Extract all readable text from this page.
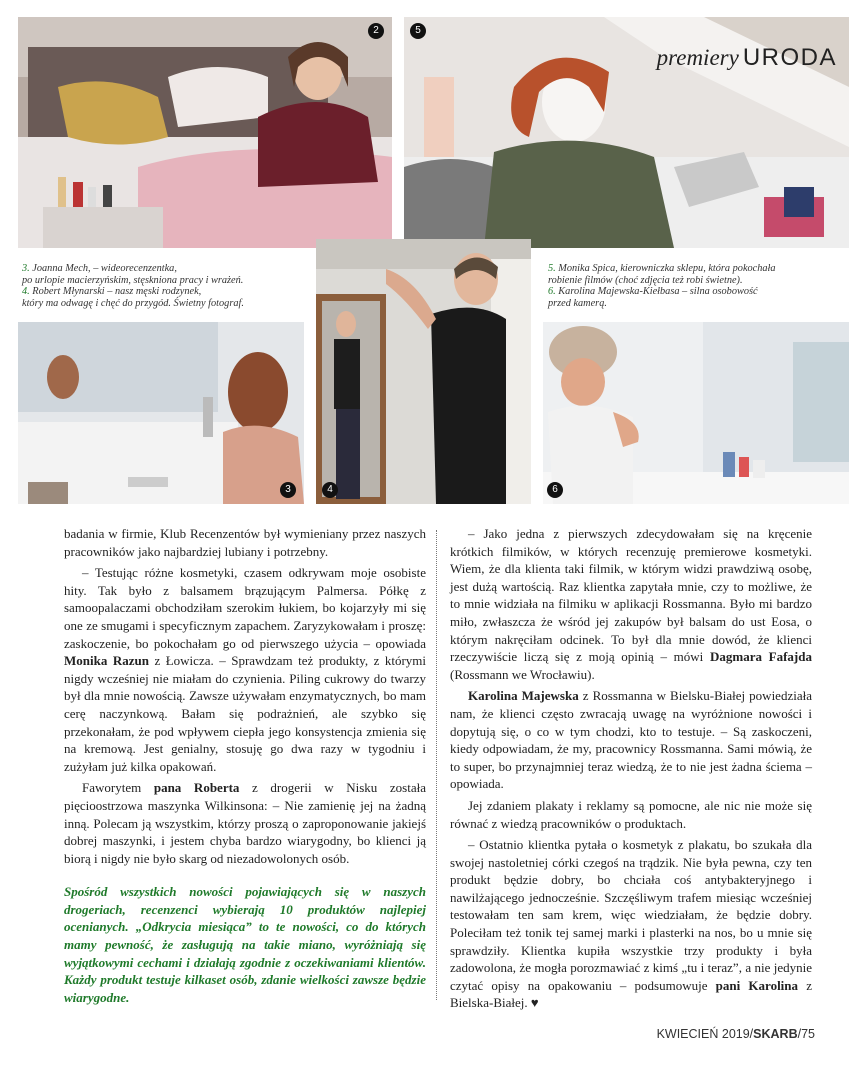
2	5
premiery URODA
3. Joanna Mech, – wideorecenzentka,
po urlopie macierzyńskim, stęskniona pracy i wrażeń.
4. Robert Młynarski – nasz męski rodzynek,
który ma odwagę i chęć do przygód. Świetny fotograf.
5. Monika Spica, kierowniczka sklepu, która pokochała
robienie filmów (choć zdjęcia też robi świetne).
6. Karolina Majewska-Kiełbasa – silna osobowość
przed kamerą.
3	4	6

badania w firmie, Klub Recenzentów był wymieniany przez naszych pracowników jako najbardziej lubiany i potrzebny.

– Testując różne kosmetyki, czasem odkrywam moje osobiste hity. Tak było z balsamem brązującym Palmersa. Półkę z samoopalaczami obchodziłam szerokim łukiem, bo kojarzyły mi się one ze smugami i specyficznym zapachem. Zaryzykowałam i proszę: zaskoczenie, bo pokochałam go od pierwszego użycia – opowiada Monika Razun z Łowicza. – Sprawdzam też produkty, z którymi nigdy wcześniej nie miałam do czynienia. Piling cukrowy do twarzy był dla mnie nowością. Zawsze używałam enzymatycznych, bo mam cerę naczynkową. Bałam się podrażnień, ale szybko się przekonałam, że pod wpływem ciepła jego konsystencja zmienia się na kremową. Jest genialny, stosuję go dwa razy w tygodniu i zużyłam już kilka opakowań.

Faworytem pana Roberta z drogerii w Nisku została pięcioostrzowa maszynka Wilkinsona: – Nie zamienię jej na żadną inną. Polecam ją wszystkim, którzy proszą o zaproponowanie jakiejś dobrej maszynki, i jestem chyba bardzo wiarygodny, bo klienci ją biorą i nigdy nie było skarg od niezadowolonych osób.

Spośród wszystkich nowości pojawiających się w naszych drogeriach, recenzenci wybierają 10 produktów najlepiej ocenianych. „Odkrycia miesiąca” to te nowości, co do których mamy pewność, że zasługują na takie miano, wyróżniają się wyjątkowymi cechami i działają zgodnie z oczekiwaniami klientów. Każdy produkt testuje kilkaset osób, zdanie wielkości zawsze będzie wiarygodne.

– Jako jedna z pierwszych zdecydowałam się na kręcenie krótkich filmików, w których recenzuję premierowe kosmetyki. Wiem, że dla klienta taki filmik, w którym widzi prawdziwą osobę, jest dużą wartością. Raz klientka zapytała mnie, czy to możliwe, że to mnie widziała na filmiku w aplikacji Rossmanna. Było mi bardzo miło, zwłaszcza że wśród jej zakupów był balsam do ust Eosa, o którym nakręciłam odcinek. To był dla mnie dowód, że klienci rzeczywiście liczą się z moją opinią – mówi Dagmara Fafajda (Rossmann we Wrocławiu).

Karolina Majewska z Rossmanna w Bielsku-Białej powiedziała nam, że klienci często zwracają uwagę na wyróżnione nowości i dopytują się, o co w tym chodzi, kto to testuje. – Są zaskoczeni, kiedy odpowiadam, że my, pracownicy Rossmanna. Sami mówią, że to super, bo przynajmniej teraz wiedzą, że to nie jest żadna ściema – opowiada.

Jej zdaniem plakaty i reklamy są pomocne, ale nic nie może się równać z wiedzą pracowników o produktach.

– Ostatnio klientka pytała o kosmetyk z plakatu, bo szukała dla swojej nastoletniej córki czegoś na trądzik. Nie była pewna, czy ten produkt będzie dobry, bo chciała coś antybakteryjnego i nawilżającego jednocześnie. Szczęśliwym trafem miesiąc wcześniej testowałam ten sam krem, więc wiedziałam, że będzie dobry. Poleciłam też tonik tej samej marki i plasterki na nos, bo u mnie się sprawdziły. Klientka kupiła wszystkie trzy produkty i była zadowolona, że mogła porozmawiać z kimś „tu i teraz”, a nie jedynie czytać opisy na opakowaniu – podsumowuje pani Karolina z Bielska-Białej. ♥

KWIECIEŃ 2019/SKARB/75
